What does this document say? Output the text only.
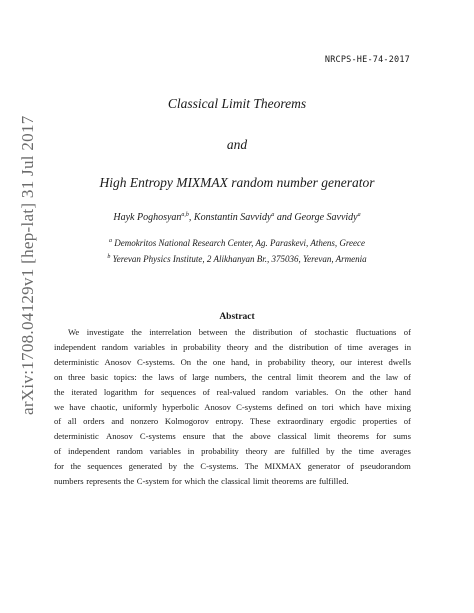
NRCPS-HE-74-2017
arXiv:1708.04129v1 [hep-lat] 31 Jul 2017
Classical Limit Theorems
and
High Entropy MIXMAX random number generator
Hayk Poghosyan$^{a,b}$, Konstantin Savvidy$^a$ and George Savvidy$^a$
$^a$ Demokritos National Research Center, Ag. Paraskevi, Athens, Greece
$^b$ Yerevan Physics Institute, 2 Alikhanyan Br., 375036, Yerevan, Armenia
Abstract
We investigate the interrelation between the distribution of stochastic fluctuations of
independent random variables in probability theory and the distribution of time averages in
deterministic Anosov C-systems. On the one hand, in probability theory, our interest dwells
on three basic topics: the laws of large numbers, the central limit theorem and the law of
the iterated logarithm for sequences of real-valued random variables. On the other hand
we have chaotic, uniformly hyperbolic Anosov C-systems defined on tori which have mixing
of all orders and nonzero Kolmogorov entropy. These extraordinary ergodic properties of
deterministic Anosov C-systems ensure that the above classical limit theorems for sums
of independent random variables in probability theory are fulfilled by the time averages
for the sequences generated by the C-systems. The MIXMAX generator of pseudorandom
numbers represents the C-system for which the classical limit theorems are fulfilled.
